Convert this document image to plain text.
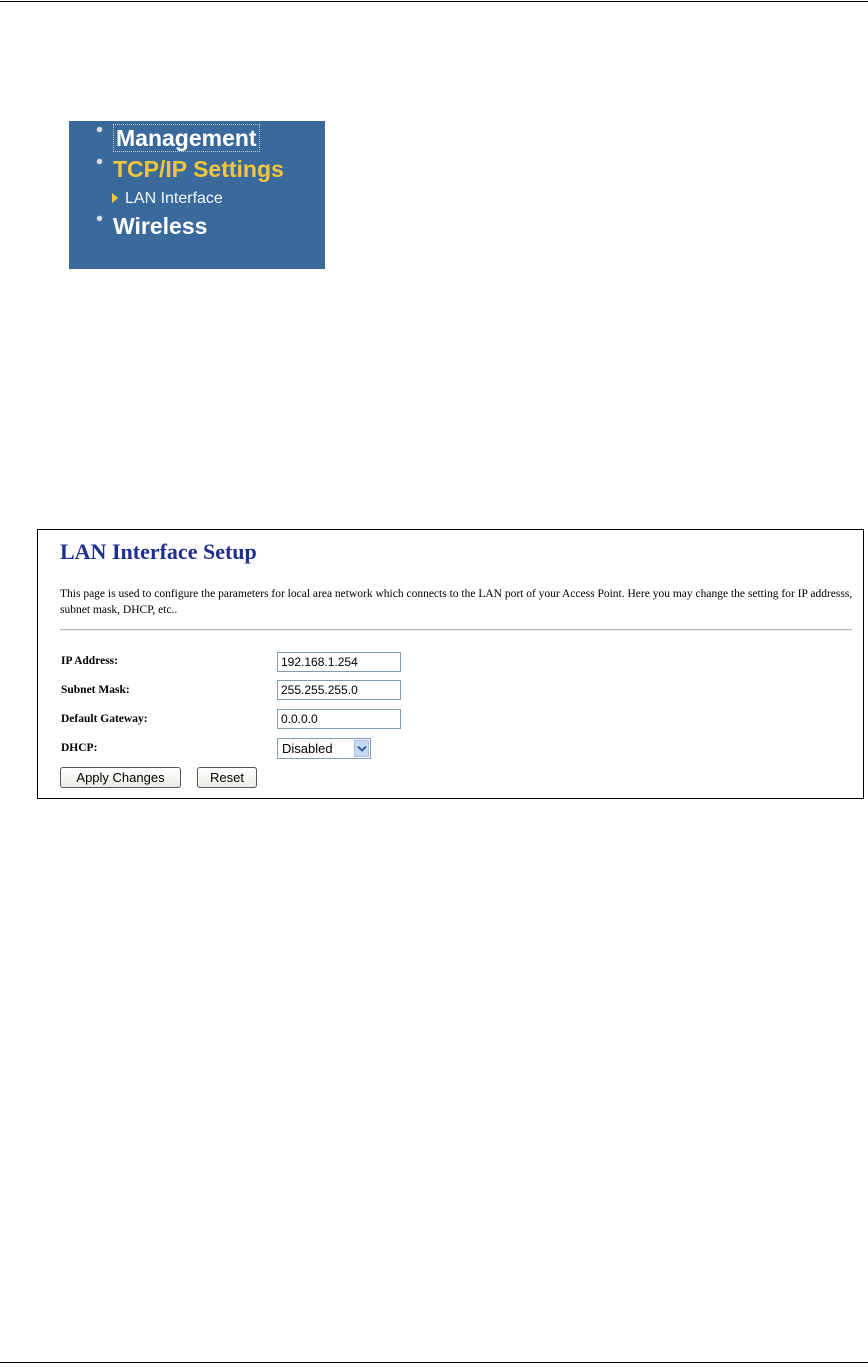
Management
TCP/IP Settings
LAN Interface
Wireless
LAN Interface Setup
This page is used to configure the parameters for local area network which connects to the LAN port of your Access Point. Here you may change the setting for IP addresss, subnet mask, DHCP, etc..
IP Address:
192.168.1.254
Subnet Mask:
255.255.255.0
Default Gateway:
0.0.0.0
DHCP:	Disabled
Apply Changes	Reset
